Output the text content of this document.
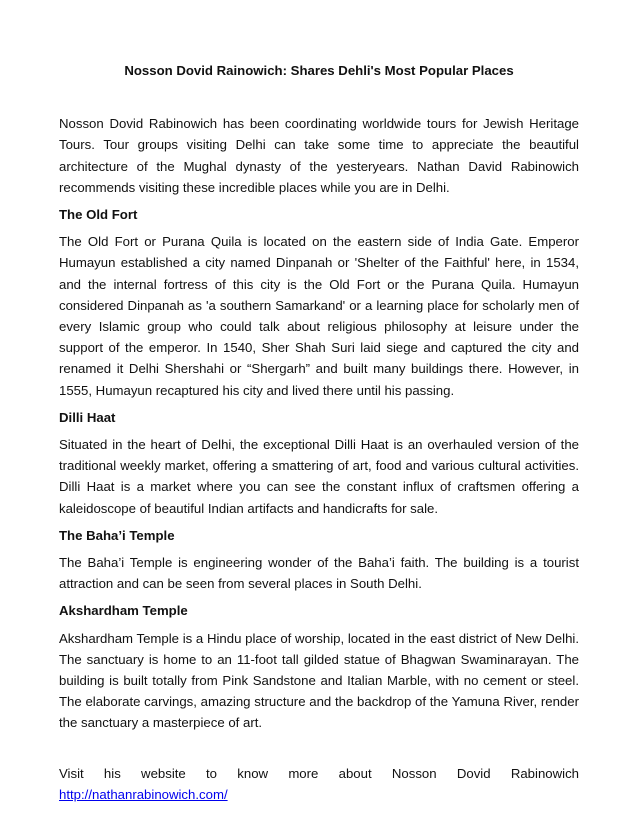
Nosson Dovid Rainowich: Shares Dehli's Most Popular Places

Nosson Dovid Rabinowich has been coordinating worldwide tours for Jewish Heritage Tours. Tour groups visiting Delhi can take some time to appreciate the beautiful architecture of the Mughal dynasty of the yesteryears. Nathan David Rabinowich recommends visiting these incredible places while you are in Delhi.

The Old Fort

The Old Fort or Purana Quila is located on the eastern side of India Gate. Emperor Humayun established a city named Dinpanah or 'Shelter of the Faithful' here, in 1534, and the internal fortress of this city is the Old Fort or the Purana Quila. Humayun considered Dinpanah as 'a southern Samarkand' or a learning place for scholarly men of every Islamic group who could talk about religious philosophy at leisure under the support of the emperor. In 1540, Sher Shah Suri laid siege and captured the city and renamed it Delhi Shershahi or “Shergarh” and built many buildings there. However, in 1555, Humayun recaptured his city and lived there until his passing.

Dilli Haat

Situated in the heart of Delhi, the exceptional Dilli Haat is an overhauled version of the traditional weekly market, offering a smattering of art, food and various cultural activities. Dilli Haat is a market where you can see the constant influx of craftsmen offering a kaleidoscope of beautiful Indian artifacts and handicrafts for sale.

The Baha’i Temple

The Baha’i Temple is engineering wonder of the Baha’i faith. The building is a tourist attraction and can be seen from several places in South Delhi.

Akshardham Temple

Akshardham Temple is a Hindu place of worship, located in the east district of New Delhi. The sanctuary is home to an 11-foot tall gilded statue of Bhagwan Swaminarayan. The building is built totally from Pink Sandstone and Italian Marble, with no cement or steel. The elaborate carvings, amazing structure and the backdrop of the Yamuna River, render the sanctuary a masterpiece of art.

Visit his website to know more about Nosson Dovid Rabinowich
http://nathanrabinowich.com/
